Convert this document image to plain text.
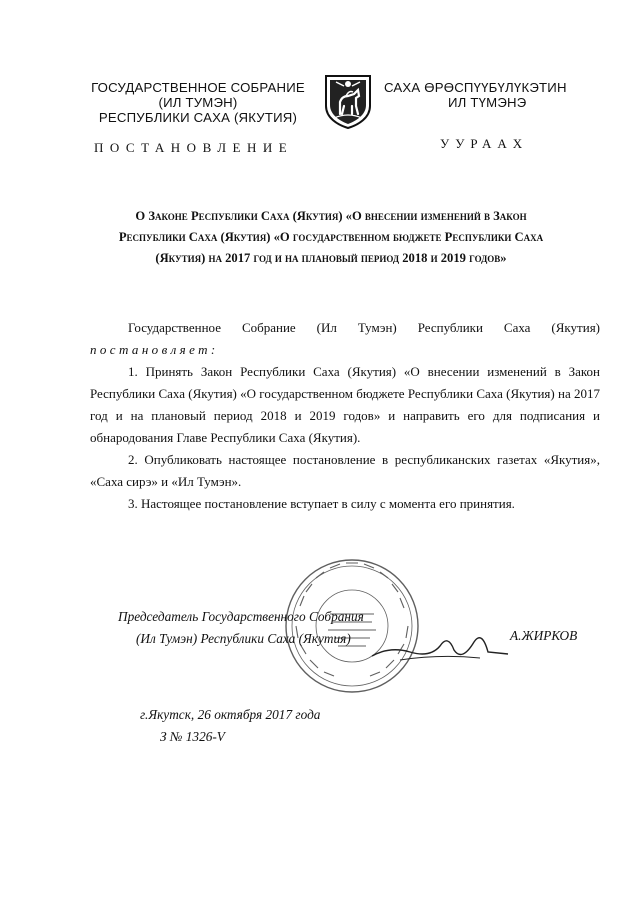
ГОСУДАРСТВЕННОЕ СОБРАНИЕ
(ИЛ ТУМЭН)
РЕСПУБЛИКИ САХА (ЯКУТИЯ)
САХА ӨРӨСПҮҮБҮЛҮКЭТИН
ИЛ ТҮМЭНЭ
ПОСТАНОВЛЕНИЕ	УУРААХ
О Законе Республики Саха (Якутия) «О внесении изменений в Закон
Республики Саха (Якутия) «О государственном бюджете Республики Саха
(Якутия) на 2017 год и на плановый период 2018 и 2019 годов»

Государственное Собрание (Ил Тумэн) Республики Саха (Якутия)

постановляет:

1. Принять Закон Республики Саха (Якутия) «О внесении изменений в Закон Республики Саха (Якутия) «О государственном бюджете Республики Саха (Якутия) на 2017 год и на плановый период 2018 и 2019 годов» и направить его для подписания и обнародования Главе Республики Саха (Якутия).

2. Опубликовать настоящее постановление в республиканских газетах «Якутия», «Саха сирэ» и «Ил Тумэн».

3. Настоящее постановление вступает в силу с момента его принятия.

Председатель Государственного Собрания
(Ил Тумэн) Республики Саха (Якутия)	А.ЖИРКОВ
г.Якутск, 26 октября 2017 года
З № 1326-V
